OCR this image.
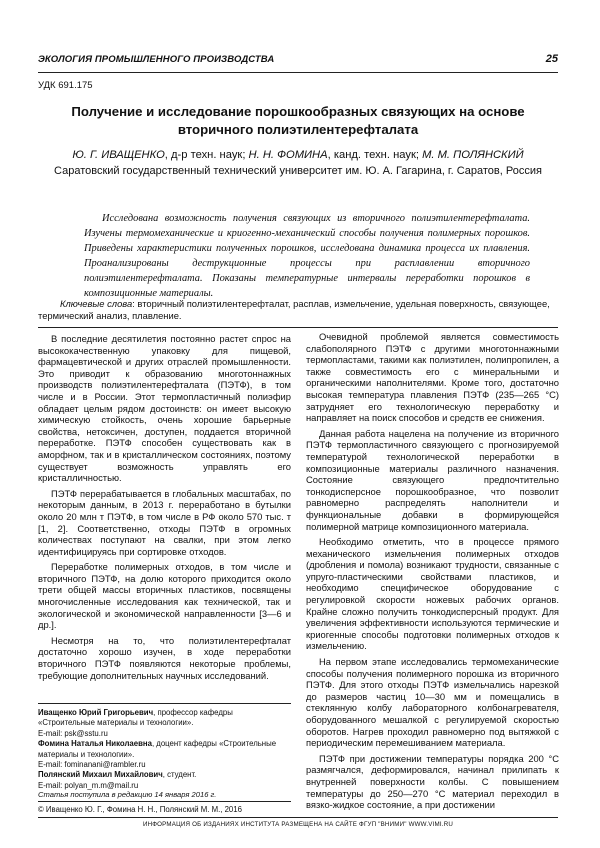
ЭКОЛОГИЯ ПРОМЫШЛЕННОГО ПРОИЗВОДСТВА	25
УДК 691.175
Получение и исследование порошкообразных связующих на основе вторичного полиэтилентерефталата
Ю. Г. ИВАЩЕНКО, д-р техн. наук; Н. Н. ФОМИНА, канд. техн. наук; М. М. ПОЛЯНСКИЙ
Саратовский государственный технический университет им. Ю. А. Гагарина, г. Саратов, Россия
Исследована возможность получения связующих из вторичного полиэтилентерефталата. Изучены термомеханические и криогенно-механический способы получения полимерных порошков. Приведены характеристики полученных порошков, исследована динамика процесса их плавления. Проанализированы деструкционные процессы при расплавлении вторичного полиэтилентерефталата. Показаны температурные интервалы переработки порошков в композиционные материалы.
Ключевые слова: вторичный полиэтилентерефталат, расплав, измельчение, удельная поверхность, связующее, термический анализ, плавление.

В последние десятилетия постоянно растет спрос на высококачественную упаковку для пищевой, фармацевтической и других отраслей промышленности. Это приводит к образованию многотоннажных производств полиэтилентерефталата (ПЭТФ), в том числе и в России. Этот термопластичный полиэфир обладает целым рядом достоинств: он имеет высокую химическую стойкость, очень хорошие барьерные свойства, нетоксичен, доступен, поддается вторичной переработке. ПЭТФ способен существовать как в аморфном, так и в кристаллическом состояниях, поэтому существует возможность управлять его кристалличностью.

ПЭТФ перерабатывается в глобальных масштабах, по некоторым данным, в 2013 г. переработано в бутылки около 20 млн т ПЭТФ, в том числе в РФ около 570 тыс. т [1, 2]. Соответственно, отходы ПЭТФ в огромных количествах поступают на свалки, при этом легко идентифицируясь при сортировке отходов.

Переработке полимерных отходов, в том числе и вторичного ПЭТФ, на долю которого приходится около трети общей массы вторичных пластиков, посвящены многочисленные исследования как технической, так и экологической и экономической направленности [3—6 и др.].

Несмотря на то, что полиэтилентерефталат достаточно хорошо изучен, в ходе переработки вторичного ПЭТФ появляются некоторые проблемы, требующие дополнительных научных исследований.

Очевидной проблемой является совместимость слабополярного ПЭТФ с другими многотоннажными термопластами, такими как полиэтилен, полипропилен, а также совместимость его с минеральными и органическими наполнителями. Кроме того, достаточно высокая температура плавления ПЭТФ (235—265 °C) затрудняет его технологическую переработку и направляет на поиск способов и средств ее снижения.

Данная работа нацелена на получение из вторичного ПЭТФ термопластичного связующего с прогнозируемой температурой технологической переработки в композиционные материалы различного назначения. Состояние связующего предпочтительно тонкодисперсное порошкообразное, что позволит равномерно распределять наполнители и функциональные добавки в формирующейся полимерной матрице композиционного материала.

Необходимо отметить, что в процессе прямого механического измельчения полимерных отходов (дробления и помола) возникают трудности, связанные с упруго-пластическими свойствами пластиков, и необходимо специфическое оборудование с регулировкой скорости ножевых рабочих органов. Крайне сложно получить тонкодисперсный продукт. Для увеличения эффективности используются термические и криогенные способы подготовки полимерных отходов к измельчению.

На первом этапе исследовались термомеханические способы получения полимерного порошка из вторичного ПЭТФ. Для этого отходы ПЭТФ измельчались нарезкой до размеров частиц 10—30 мм и помещались в стеклянную колбу лабораторного колбонагревателя, оборудованного мешалкой с регулируемой скоростью оборотов. Нагрев проходил равномерно под вытяжкой с периодическим перемешиванием материала.

ПЭТФ при достижении температуры порядка 200 °C размягчался, деформировался, начинал прилипать к внутренней поверхности колбы. С повышением температуры до 250—270 °C материал переходил в вязко-жидкое состояние, а при достижении

Иващенко Юрий Григорьевич, профессор кафедры «Строительные материалы и технологии».
E-mail: psk@sstu.ru
Фомина Наталья Николаевна, доцент кафедры «Строительные материалы и технологии».
E-mail: fominanani@rambler.ru
Полянский Михаил Михайлович, студент.
E-mail: polyan_m.m@mail.ru
Статья поступила в редакцию 14 января 2016 г.
© Иващенко Ю. Г., Фомина Н. Н., Полянский М. М., 2016
ИНФОРМАЦИЯ ОБ ИЗДАНИЯХ ИНСТИТУТА РАЗМЕЩЕНА НА САЙТЕ ФГУП "ВНИМИ" WWW.VIMI.RU
